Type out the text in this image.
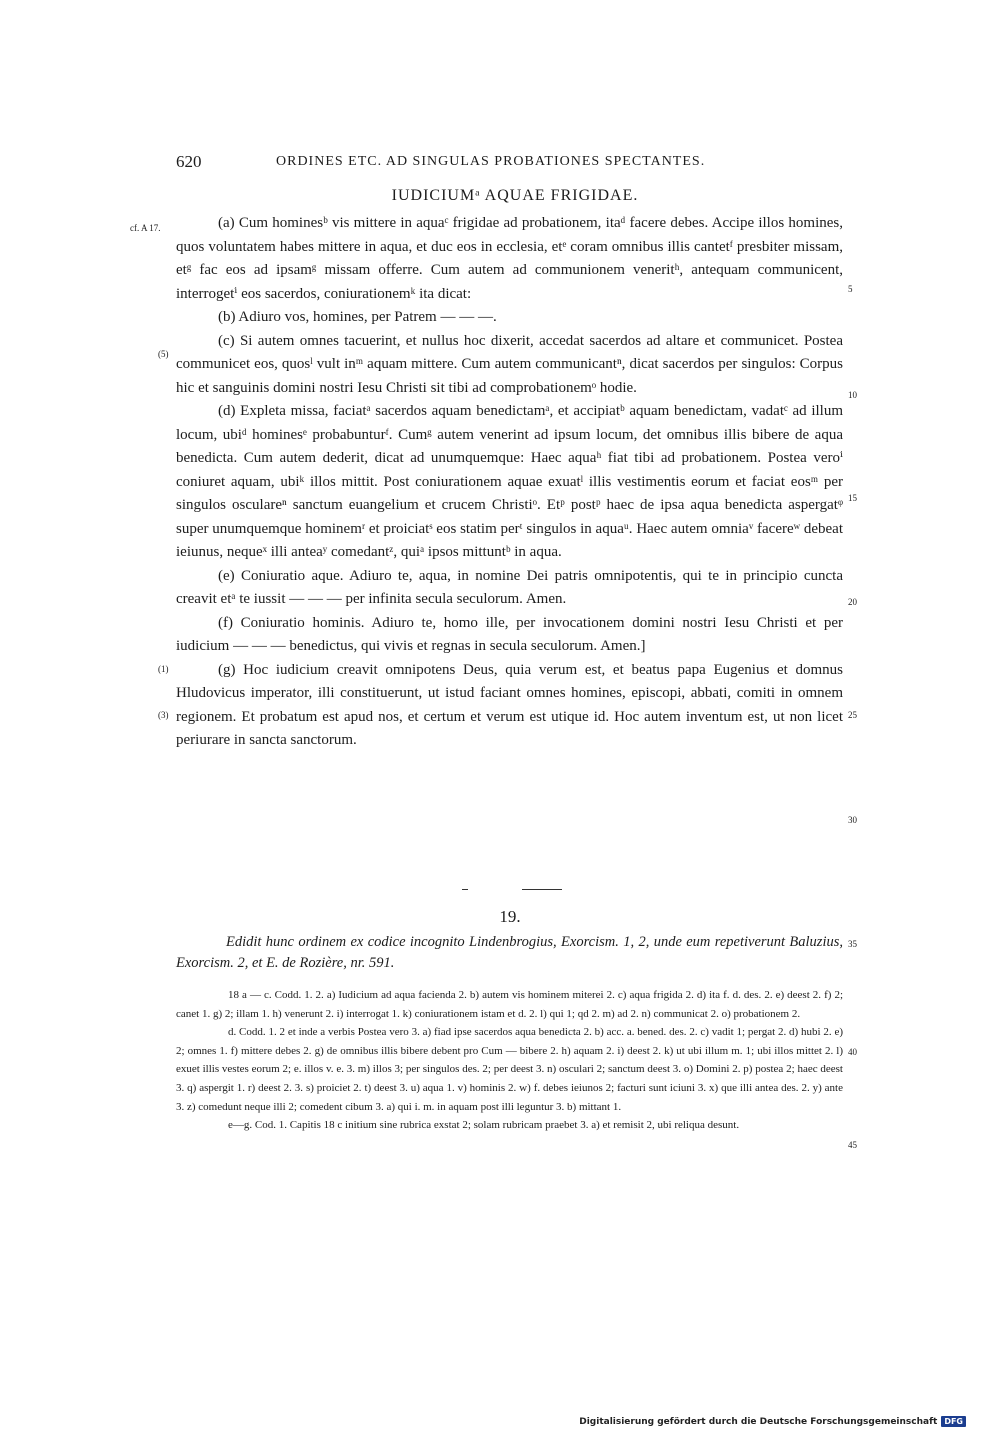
620	ORDINES ETC. AD SINGULAS PROBATIONES SPECTANTES.
IUDICIUMᵃ AQUAE FRIGIDAE.
cf. A 17.
(5)
(1)
(3)
5
10
15
20
25
30
35
40
45

(a) Cum hominesᵇ vis mittere in aquaᶜ frigidae ad probationem, itaᵈ facere debes. Accipe illos homines, quos voluntatem habes mittere in aqua, et duc eos in ecclesia, etᵉ coram omnibus illis cantetᶠ presbiter missam, etᵍ fac eos ad ipsamᵍ missam offerre. Cum autem ad communionem veneritʰ, antequam communicent, interrogetⁱ eos sacerdos, coniurationemᵏ ita dicat:

(b) Adiuro vos, homines, per Patrem — — —.

(c) Si autem omnes tacuerint, et nullus hoc dixerit, accedat sacerdos ad altare et communicet. Postea communicet eos, quosˡ vult inᵐ aquam mittere. Cum autem communicantⁿ, dicat sacerdos per singulos: Corpus hic et sanguinis domini nostri Iesu Christi sit tibi ad comprobationemᵒ hodie.

(d) Expleta missa, faciatᵃ sacerdos aquam benedictamᵃ, et accipiatᵇ aquam benedictam, vadatᶜ ad illum locum, ubiᵈ hominesᵉ probabunturᶠ. Cumᵍ autem venerint ad ipsum locum, det omnibus illis bibere de aqua benedicta. Cum autem dederit, dicat ad unumquemque: Haec aquaʰ fiat tibi ad probationem. Postea veroⁱ coniuret aquam, ubiᵏ illos mittit. Post coniurationem aquae exuatˡ illis vestimentis eorum et faciat eosᵐ per singulos osculareⁿ sanctum euangelium et crucem Christiᵒ. Etᵖ postᵖ haec de ipsa aqua benedicta aspergatᵠ super unumquemque hominemʳ et proiciatˢ eos statim perᵗ singulos in aquaᵘ. Haec autem omniaᵛ facereʷ debeat ieiunus, nequeˣ illi anteaʸ comedantᶻ, quiᵃ ipsos mittuntᵇ in aqua.

(e) Coniuratio aque. Adiuro te, aqua, in nomine Dei patris omnipotentis, qui te in principio cuncta creavit etᵃ te iussit — — — per infinita secula seculorum. Amen.

(f) Coniuratio hominis. Adiuro te, homo ille, per invocationem domini nostri Iesu Christi et per iudicium — — — benedictus, qui vivis et regnas in secula seculorum. Amen.]

(g) Hoc iudicium creavit omnipotens Deus, quia verum est, et beatus papa Eugenius et domnus Hludovicus imperator, illi constituerunt, ut istud faciant omnes homines, episcopi, abbati, comiti in omnem regionem. Et probatum est apud nos, et certum et verum est utique id. Hoc autem inventum est, ut non licet periurare in sancta sanctorum.

19.

Edidit hunc ordinem ex codice incognito Lindenbrogius, Exorcism. 1, 2, unde eum repetiverunt Baluzius, Exorcism. 2, et E. de Rozière, nr. 591.

18 a — c. Codd. 1. 2. a) Iudicium ad aqua facienda 2. b) autem vis hominem miterei 2. c) aqua frigida 2. d) ita f. d. des. 2. e) deest 2. f) 2; canet 1. g) 2; illam 1. h) venerunt 2. i) interrogat 1. k) coniurationem istam et d. 2. l) qui 1; qd 2. m) ad 2. n) communicat 2. o) probationem 2.

d. Codd. 1. 2 et inde a verbis Postea vero 3. a) fiad ipse sacerdos aqua benedicta 2. b) acc. a. bened. des. 2. c) vadit 1; pergat 2. d) hubi 2. e) 2; omnes 1. f) mittere debes 2. g) de omnibus illis bibere debent pro Cum — bibere 2. h) aquam 2. i) deest 2. k) ut ubi illum m. 1; ubi illos mittet 2. l) exuet illis vestes eorum 2; e. illos v. e. 3. m) illos 3; per singulos des. 2; per deest 3. n) osculari 2; sanctum deest 3. o) Domini 2. p) postea 2; haec deest 3. q) aspergit 1. r) deest 2. 3. s) proiciet 2. t) deest 3. u) aqua 1. v) hominis 2. w) f. debes ieiunos 2; facturi sunt iciuni 3. x) que illi antea des. 2. y) ante 3. z) comedunt neque illi 2; comedent cibum 3. a) qui i. m. in aquam post illi leguntur 3. b) mittant 1.

e—g. Cod. 1. Capitis 18 c initium sine rubrica exstat 2; solam rubricam praebet 3. a) et remisit 2, ubi reliqua desunt.

Digitalisierung gefördert durch die Deutsche Forschungsgemeinschaft DFG
